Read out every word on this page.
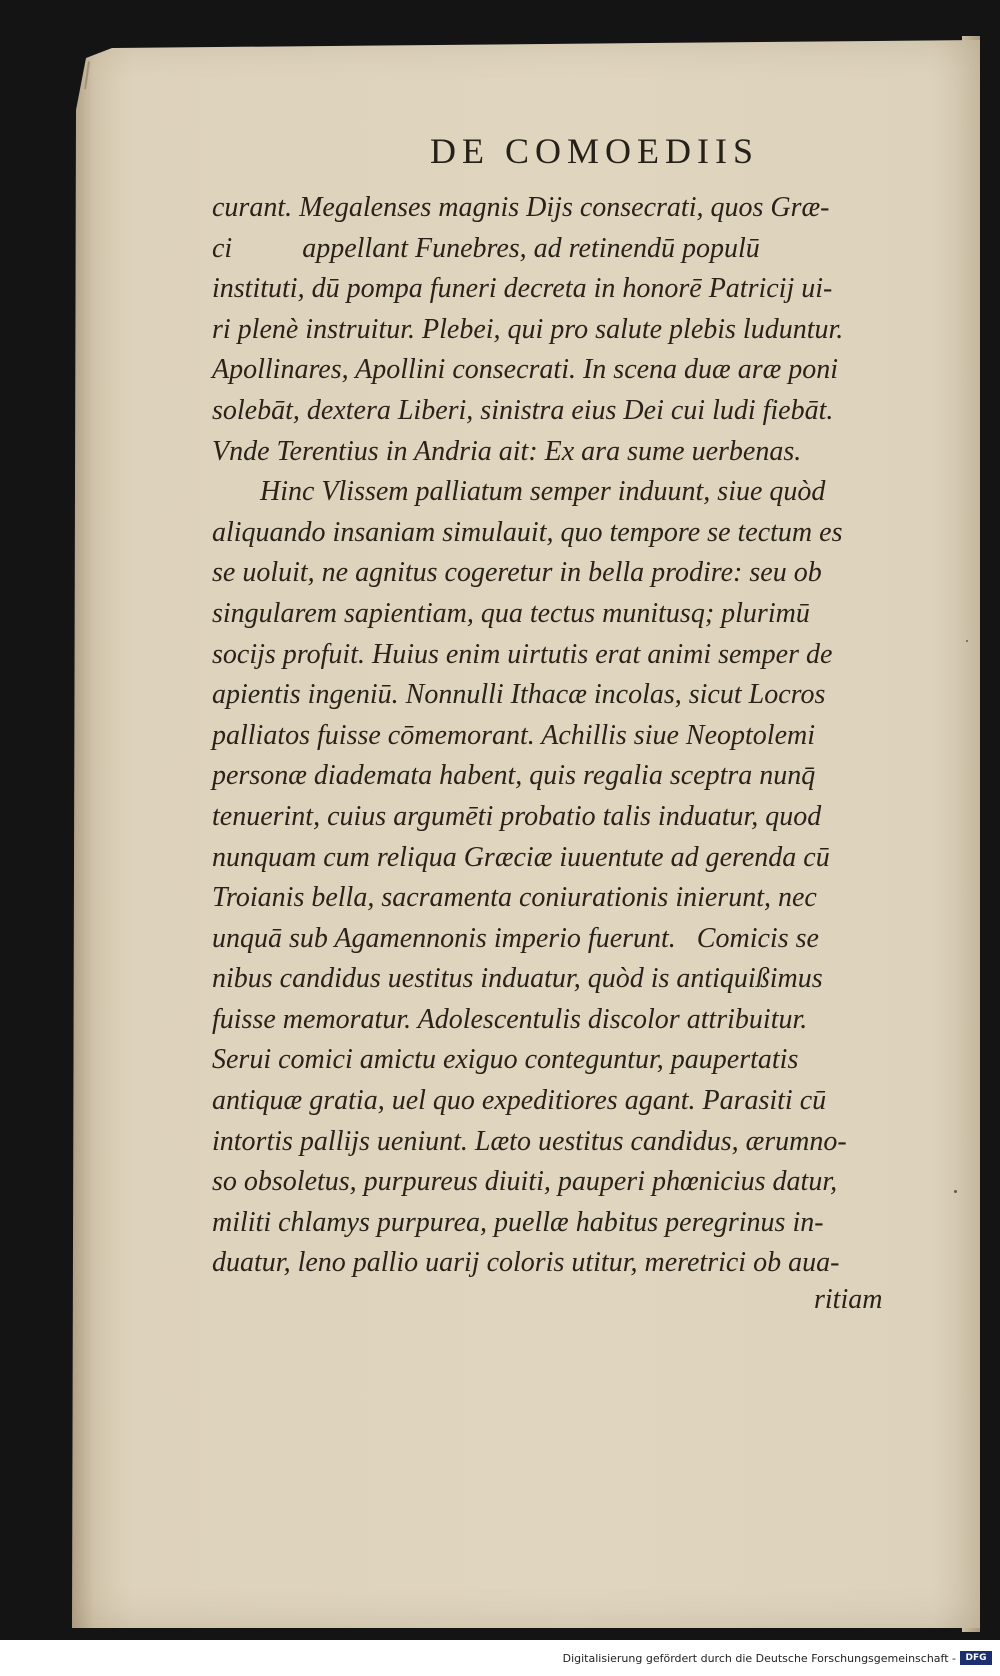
DE COMOEDIIS
curant. Megalenses magnis Dijs consecrati, quos Græ-
ci          appellant Funebres, ad retinendū populū
instituti, dū pompa funeri decreta in honorē Patricij ui-
ri plenè instruitur. Plebei, qui pro salute plebis luduntur.
Apollinares, Apollini consecrati. In scena duæ aræ poni
solebāt, dextera Liberi, sinistra eius Dei cui ludi fiebāt.
Vnde Terentius in Andria ait: Ex ara sume uerbenas.
Hinc Vlissem palliatum semper induunt, siue quòd
aliquando insaniam simulauit, quo tempore se tectum es
se uoluit, ne agnitus cogeretur in bella prodire: seu ob
singularem sapientiam, qua tectus munitusq; plurimū
socijs profuit. Huius enim uirtutis erat animi semper de
apientis ingeniū. Nonnulli Ithacæ incolas, sicut Locros
palliatos fuisse cōmemorant. Achillis siue Neoptolemi
personæ diademata habent, quis regalia sceptra nunq̄
tenuerint, cuius argumēti probatio talis induatur, quod
nunquam cum reliqua Græciæ iuuentute ad gerenda cū
Troianis bella, sacramenta coniurationis inierunt, nec
unquā sub Agamennonis imperio fuerunt.   Comicis se
nibus candidus uestitus induatur, quòd is antiquißimus
fuisse memoratur. Adolescentulis discolor attribuitur.
Serui comici amictu exiguo conteguntur, paupertatis
antiquæ gratia, uel quo expeditiores agant. Parasiti cū
intortis pallijs ueniunt. Læto uestitus candidus, ærumno-
so obsoletus, purpureus diuiti, pauperi phœnicius datur,
militi chlamys purpurea, puellæ habitus peregrinus in-
duatur, leno pallio uarij coloris utitur, meretrici ob aua-
ritiam
Digitalisierung gefördert durch die Deutsche Forschungsgemeinschaft -	DFG
